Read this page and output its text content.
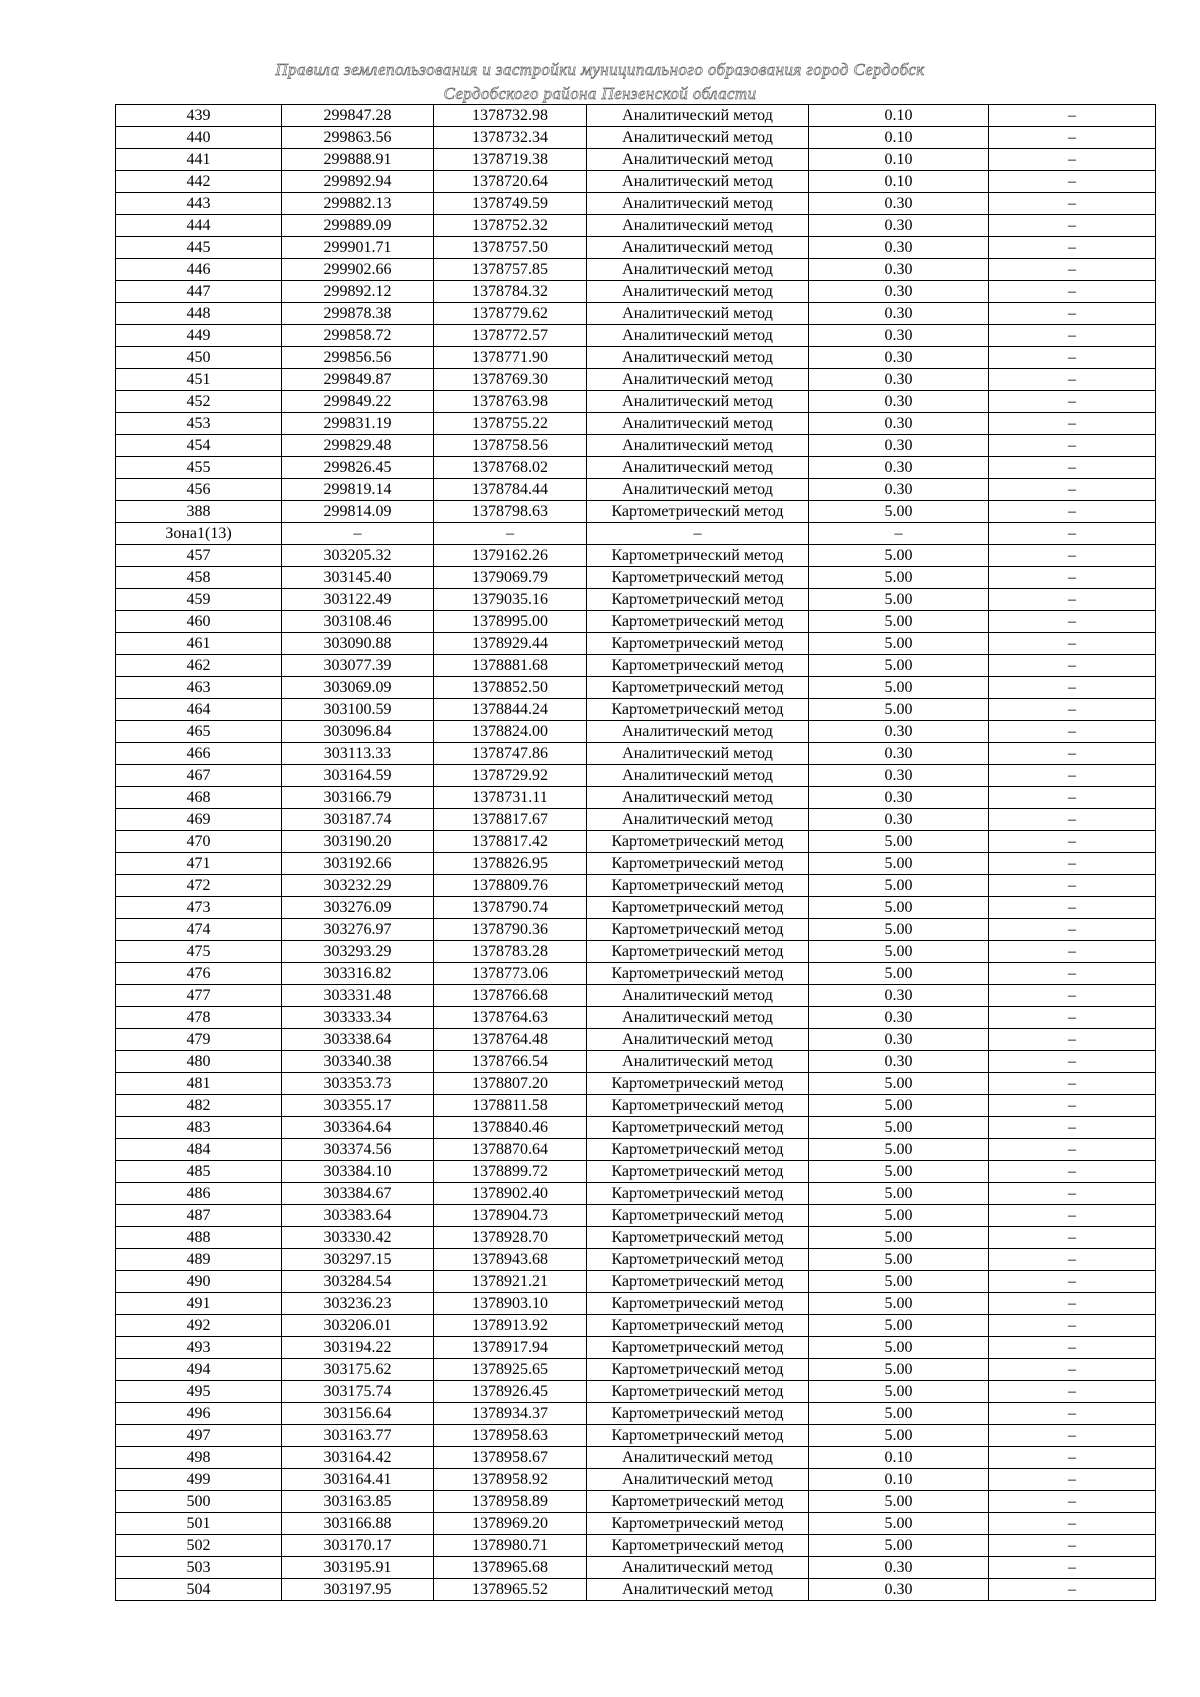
Правила землепользования и застройки муниципального образования город Сердобск
Сердобского района Пензенской области
439	299847.28	1378732.98	Аналитический метод	0.10	–
440	299863.56	1378732.34	Аналитический метод	0.10	–
441	299888.91	1378719.38	Аналитический метод	0.10	–
442	299892.94	1378720.64	Аналитический метод	0.10	–
443	299882.13	1378749.59	Аналитический метод	0.30	–
444	299889.09	1378752.32	Аналитический метод	0.30	–
445	299901.71	1378757.50	Аналитический метод	0.30	–
446	299902.66	1378757.85	Аналитический метод	0.30	–
447	299892.12	1378784.32	Аналитический метод	0.30	–
448	299878.38	1378779.62	Аналитический метод	0.30	–
449	299858.72	1378772.57	Аналитический метод	0.30	–
450	299856.56	1378771.90	Аналитический метод	0.30	–
451	299849.87	1378769.30	Аналитический метод	0.30	–
452	299849.22	1378763.98	Аналитический метод	0.30	–
453	299831.19	1378755.22	Аналитический метод	0.30	–
454	299829.48	1378758.56	Аналитический метод	0.30	–
455	299826.45	1378768.02	Аналитический метод	0.30	–
456	299819.14	1378784.44	Аналитический метод	0.30	–
388	299814.09	1378798.63	Картометрический метод	5.00	–
Зона1(13)	–	–	–	–	–
457	303205.32	1379162.26	Картометрический метод	5.00	–
458	303145.40	1379069.79	Картометрический метод	5.00	–
459	303122.49	1379035.16	Картометрический метод	5.00	–
460	303108.46	1378995.00	Картометрический метод	5.00	–
461	303090.88	1378929.44	Картометрический метод	5.00	–
462	303077.39	1378881.68	Картометрический метод	5.00	–
463	303069.09	1378852.50	Картометрический метод	5.00	–
464	303100.59	1378844.24	Картометрический метод	5.00	–
465	303096.84	1378824.00	Аналитический метод	0.30	–
466	303113.33	1378747.86	Аналитический метод	0.30	–
467	303164.59	1378729.92	Аналитический метод	0.30	–
468	303166.79	1378731.11	Аналитический метод	0.30	–
469	303187.74	1378817.67	Аналитический метод	0.30	–
470	303190.20	1378817.42	Картометрический метод	5.00	–
471	303192.66	1378826.95	Картометрический метод	5.00	–
472	303232.29	1378809.76	Картометрический метод	5.00	–
473	303276.09	1378790.74	Картометрический метод	5.00	–
474	303276.97	1378790.36	Картометрический метод	5.00	–
475	303293.29	1378783.28	Картометрический метод	5.00	–
476	303316.82	1378773.06	Картометрический метод	5.00	–
477	303331.48	1378766.68	Аналитический метод	0.30	–
478	303333.34	1378764.63	Аналитический метод	0.30	–
479	303338.64	1378764.48	Аналитический метод	0.30	–
480	303340.38	1378766.54	Аналитический метод	0.30	–
481	303353.73	1378807.20	Картометрический метод	5.00	–
482	303355.17	1378811.58	Картометрический метод	5.00	–
483	303364.64	1378840.46	Картометрический метод	5.00	–
484	303374.56	1378870.64	Картометрический метод	5.00	–
485	303384.10	1378899.72	Картометрический метод	5.00	–
486	303384.67	1378902.40	Картометрический метод	5.00	–
487	303383.64	1378904.73	Картометрический метод	5.00	–
488	303330.42	1378928.70	Картометрический метод	5.00	–
489	303297.15	1378943.68	Картометрический метод	5.00	–
490	303284.54	1378921.21	Картометрический метод	5.00	–
491	303236.23	1378903.10	Картометрический метод	5.00	–
492	303206.01	1378913.92	Картометрический метод	5.00	–
493	303194.22	1378917.94	Картометрический метод	5.00	–
494	303175.62	1378925.65	Картометрический метод	5.00	–
495	303175.74	1378926.45	Картометрический метод	5.00	–
496	303156.64	1378934.37	Картометрический метод	5.00	–
497	303163.77	1378958.63	Картометрический метод	5.00	–
498	303164.42	1378958.67	Аналитический метод	0.10	–
499	303164.41	1378958.92	Аналитический метод	0.10	–
500	303163.85	1378958.89	Картометрический метод	5.00	–
501	303166.88	1378969.20	Картометрический метод	5.00	–
502	303170.17	1378980.71	Картометрический метод	5.00	–
503	303195.91	1378965.68	Аналитический метод	0.30	–
504	303197.95	1378965.52	Аналитический метод	0.30	–
